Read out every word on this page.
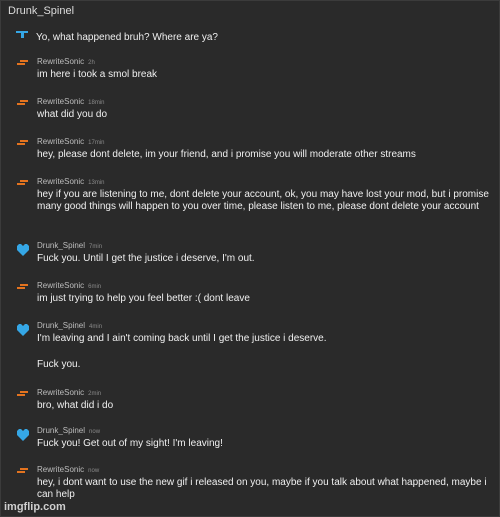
Drunk_Spinel
Yo, what happened bruh? Where are ya?
RewriteSonic 2h
im here i took a smol break
RewriteSonic 18min
what did you do
RewriteSonic 17min
hey, please dont delete, im your friend, and i promise you will moderate other streams
RewriteSonic 13min
hey if you are listening to me, dont delete your account, ok, you may have lost your mod, but i promise many good things will happen to you over time, please listen to me, please dont delete your account
Drunk_Spinel 7min
Fuck you. Until I get the justice i deserve, I'm out.
RewriteSonic 6min
im just trying to help you feel better :( dont leave
Drunk_Spinel 4min
I'm leaving and I ain't coming back until I get the justice i deserve.
Fuck you.
RewriteSonic 2min
bro, what did i do
Drunk_Spinel now
Fuck you! Get out of my sight! I'm leaving!
RewriteSonic now
hey, i dont want to use the new gif i released on you, maybe if you talk about what happened, maybe i can help
imgflip.com
